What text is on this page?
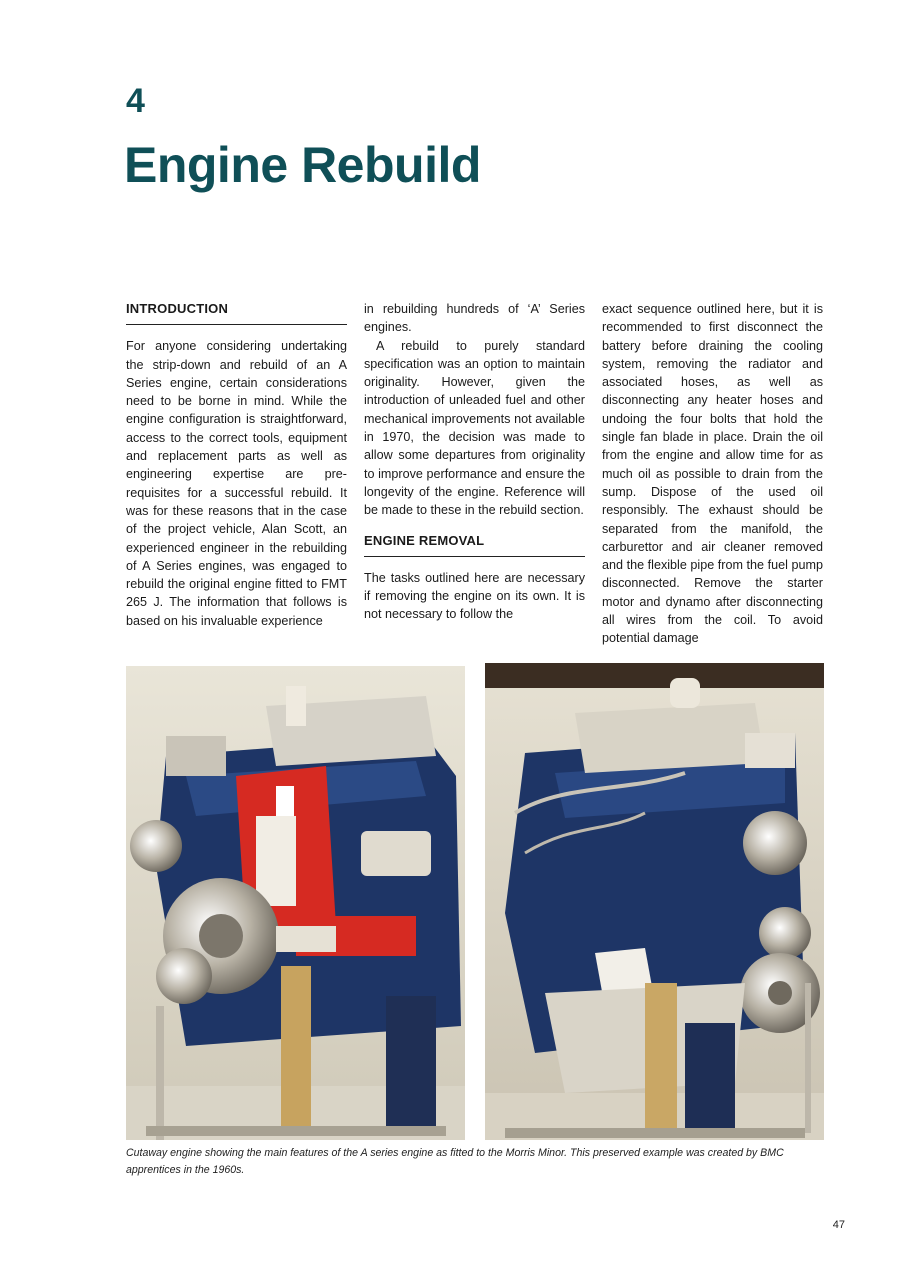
4
Engine Rebuild
INTRODUCTION

For anyone considering undertaking the strip-down and rebuild of an A Series engine, certain considerations need to be borne in mind. While the engine configuration is straightforward, access to the correct tools, equipment and replacement parts as well as engineering expertise are pre-requisites for a successful rebuild. It was for these reasons that in the case of the project vehicle, Alan Scott, an experienced engineer in the rebuilding of A Series engines, was engaged to rebuild the original engine fitted to FMT 265 J. The information that follows is based on his invaluable experience

in rebuilding hundreds of ‘A’ Series engines.

A rebuild to purely standard specification was an option to maintain originality. However, given the introduction of unleaded fuel and other mechanical improvements not available in 1970, the decision was made to allow some departures from originality to improve performance and ensure the longevity of the engine. Reference will be made to these in the rebuild section.

ENGINE REMOVAL

The tasks outlined here are necessary if removing the engine on its own. It is not necessary to follow the

exact sequence outlined here, but it is recommended to first disconnect the battery before draining the cooling system, removing the radiator and associated hoses, as well as disconnecting any heater hoses and undoing the four bolts that hold the single fan blade in place. Drain the oil from the engine and allow time for as much oil as possible to drain from the sump. Dispose of the used oil responsibly. The exhaust should be separated from the manifold, the carburettor and air cleaner removed and the flexible pipe from the fuel pump disconnected. Remove the starter motor and dynamo after disconnecting all wires from the coil. To avoid potential damage

Cutaway engine showing the main features of the A series engine as fitted to the Morris Minor. This preserved example was created by BMC apprentices in the 1960s.
47
